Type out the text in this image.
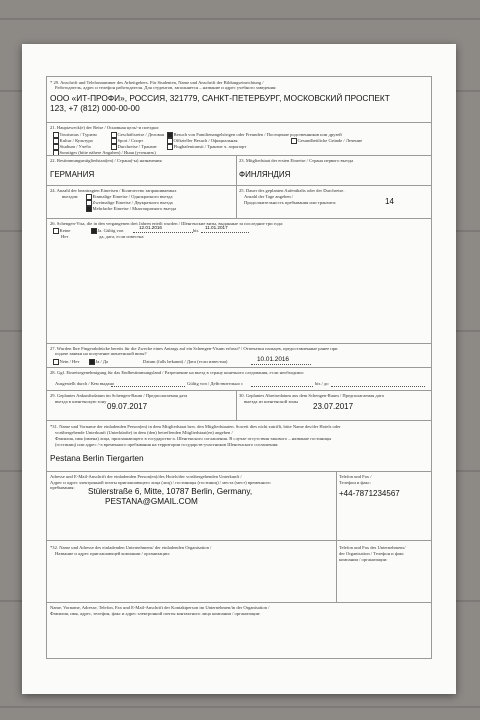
* 29. Anschrift und Telefonnummer des Arbeitgebers. Für Studenten, Name und Anschrift der Bildungseinrichtung /
Работодатель, адрес и телефон работодателя. Для студентов, заполняется – название и адрес учебного заведения:
ООО «ИТ-ПРОФИ», РОССИЯ, 321779, САНКТ-ПЕТЕРБУРГ, МОСКОВСКИЙ ПРОСПЕКТ
123, +7 (812) 000-00-00
21. Hauptzweck(e) der Reise / Основная цель/-и поездки:
Tourismus / Туризм
Kultur / Культура
Studium / Учеба
Sonstiges (bitte nähere Angaben) / Иная (уточнить)
Geschäftsreise / Деловая
Sport / Спорт
Durchreise / Транзит
Besuch von Familienangehörigen oder Freunden / Посещение родственников или друзей
Offizieller Besuch / Официальная
Flughafentransit / Транзит ч. аэропорт
Gesundheitliche Gründe / Лечение
22. Bestimmungsmitgliedstaat(en) / Страна(-ы) назначения
ГЕРМАНИЯ
23. Mitgliedstaat der ersten Einreise / Страна первого въезда
ФИНЛЯНДИЯ
24. Anzahl der beantragten Einreisen / Количество запрашиваемых
въездов:	Einmalige Einreise / Однократного въезда
Zweimalige Einreise / Двукратного въезда
Mehrfache Einreise / Многократного въезда
25. Dauer des geplanten Aufenthalts oder der Durchreise.
Anzahl der Tage angeben /
Продолжительность пребывания или транзита:	14
26. Schengen-Visa, die in den vergangenen drei Jahren erteilt wurden / Шенгенские визы, выданные за последние три года:
Keine
Нет
Ja. Gültig von
да, дата, если известна
12.01.2016
bis
11.01.2017
27. Wurden Ihre Fingerabdrücke bereits für die Zwecke eines Antrags auf ein Schengen-Visum erfasst? / Отпечатки пальцев, предоставленные ранее при
подаче заявки на получение шенгенской визы?
Nein / Нет	Ja / Да	Datum (falls bekannt) / Дата (если известна)	10.01.2016
28. Ggf. Einreisegenehmigung für das Endbestimmungsland / Разрешение на въезд в страну конечного следования, если необходимо:
Ausgestellt durch / Кем выдано	Gültig von / Действительно с	bis / до
29. Geplantes Ankunftsdatum im Schengen-Raum / Предполагаемая дата
въезда в шенгенскую зону
09.07.2017
30. Geplantes Abreisedatum aus dem Schengen-Raum / Предполагаемая дата
выезда из шенгенской зоны
23.07.2017
*31. Name und Vorname der einladenden Person(en) in dem Mitgliedstaat bzw. den Mitgliedstaaten. Soweit dies nicht zutrifft, bitte Name des/der Hotels oder
vorübergehende Unterkunft (Unterkünfte) in dem (den) betreffenden Mitgliedstaat(en) angeben /
Фамилия, имя (имена) лица, приглашающего в государство-а. Шенгенского соглашения. В случае отсутствия такового – название гостиницы
(гостиниц) или адрес /-а временного пребывания на территории государств-участников Шенгенского соглашения:
Pestana Berlin Tiergarten
Adresse und E-Mail-Anschrift der einladenden Person(en)/des Hotels/der vorübergehenden Unterkunft /
Адрес и адрес электронной почты приглашающего лица (лиц) / гостиницы (гостиниц) / места (мест) временного
пребывания: Stülerstraße 6, Mitte, 10787 Berlin, Germany,
PESTANA@GMAIL.COM
Telefon und Fax /
Телефон и факс:
+44-7871234567
*32. Name und Adresse des einladenden Unternehmens/ der einladenden Organisation /
Название и адрес приглашающей компании / организации:
Telefon und Fax des Unternehmens/
der Organisation / Телефон и факс
компании / организации:
Name, Vorname, Adresse, Telefon, Fax und E-Mail-Anschrift der Kontaktperson im Unternehmen/in der Organisation /
Фамилия, имя, адрес, телефон, факс и адрес электронной почты контактного лица компании / организации:
